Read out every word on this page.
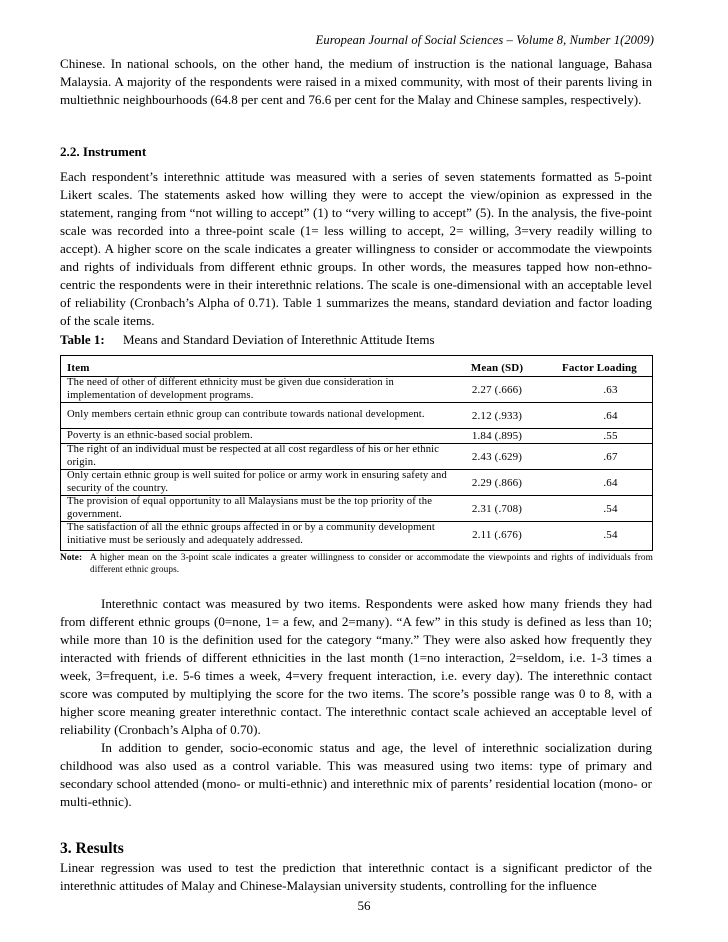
European Journal of Social Sciences – Volume 8, Number 1(2009)

Chinese. In national schools, on the other hand, the medium of instruction is the national language, Bahasa Malaysia. A majority of the respondents were raised in a mixed community, with most of their parents living in multiethnic neighbourhoods (64.8 per cent and 76.6 per cent for the Malay and Chinese samples, respectively).

2.2. Instrument

Each respondent’s interethnic attitude was measured with a series of seven statements formatted as 5-point Likert scales. The statements asked how willing they were to accept the view/opinion as expressed in the statement, ranging from “not willing to accept” (1) to “very willing to accept” (5). In the analysis, the five-point scale was recorded into a three-point scale (1= less willing to accept, 2= willing, 3=very readily willing to accept). A higher score on the scale indicates a greater willingness to consider or accommodate the viewpoints and rights of individuals from different ethnic groups. In other words, the measures tapped how non-ethno-centric the respondents were in their interethnic relations. The scale is one-dimensional with an acceptable level of reliability (Cronbach’s Alpha of 0.71). Table 1 summarizes the means, standard deviation and factor loading of the scale items.

Table 1: Means and Standard Deviation of Interethnic Attitude Items
Item	Mean (SD)	Factor Loading
The need of other of different ethnicity must be given due consideration in implementation of development programs.	2.27 (.666)	.63
Only members certain ethnic group can contribute towards national development.	2.12 (.933)	.64
Poverty is an ethnic-based social problem.	1.84 (.895)	.55
The right of an individual must be respected at all cost regardless of his or her ethnic origin.	2.43 (.629)	.67
Only certain ethnic group is well suited for police or army work in ensuring safety and security of the country.	2.29 (.866)	.64
The provision of equal opportunity to all Malaysians must be the top priority of the government.	2.31 (.708)	.54
The satisfaction of all the ethnic groups affected in or by a community development initiative must be seriously and adequately addressed.	2.11 (.676)	.54
Note: A higher mean on the 3-point scale indicates a greater willingness to consider or accommodate the viewpoints and rights of individuals from different ethnic groups.

Interethnic contact was measured by two items. Respondents were asked how many friends they had from different ethnic groups (0=none, 1= a few, and 2=many). “A few” in this study is defined as less than 10; while more than 10 is the definition used for the category “many.” They were also asked how frequently they interacted with friends of different ethnicities in the last month (1=no interaction, 2=seldom, i.e. 1-3 times a week, 3=frequent, i.e. 5-6 times a week, 4=very frequent interaction, i.e. every day). The interethnic contact score was computed by multiplying the score for the two items. The score’s possible range was 0 to 8, with a higher score meaning greater interethnic contact. The interethnic contact scale achieved an acceptable level of reliability (Cronbach’s Alpha of 0.70).

In addition to gender, socio-economic status and age, the level of interethnic socialization during childhood was also used as a control variable. This was measured using two items: type of primary and secondary school attended (mono- or multi-ethnic) and interethnic mix of parents’ residential location (mono- or multi-ethnic).

3. Results

Linear regression was used to test the prediction that interethnic contact is a significant predictor of the interethnic attitudes of Malay and Chinese-Malaysian university students, controlling for the influence

56
